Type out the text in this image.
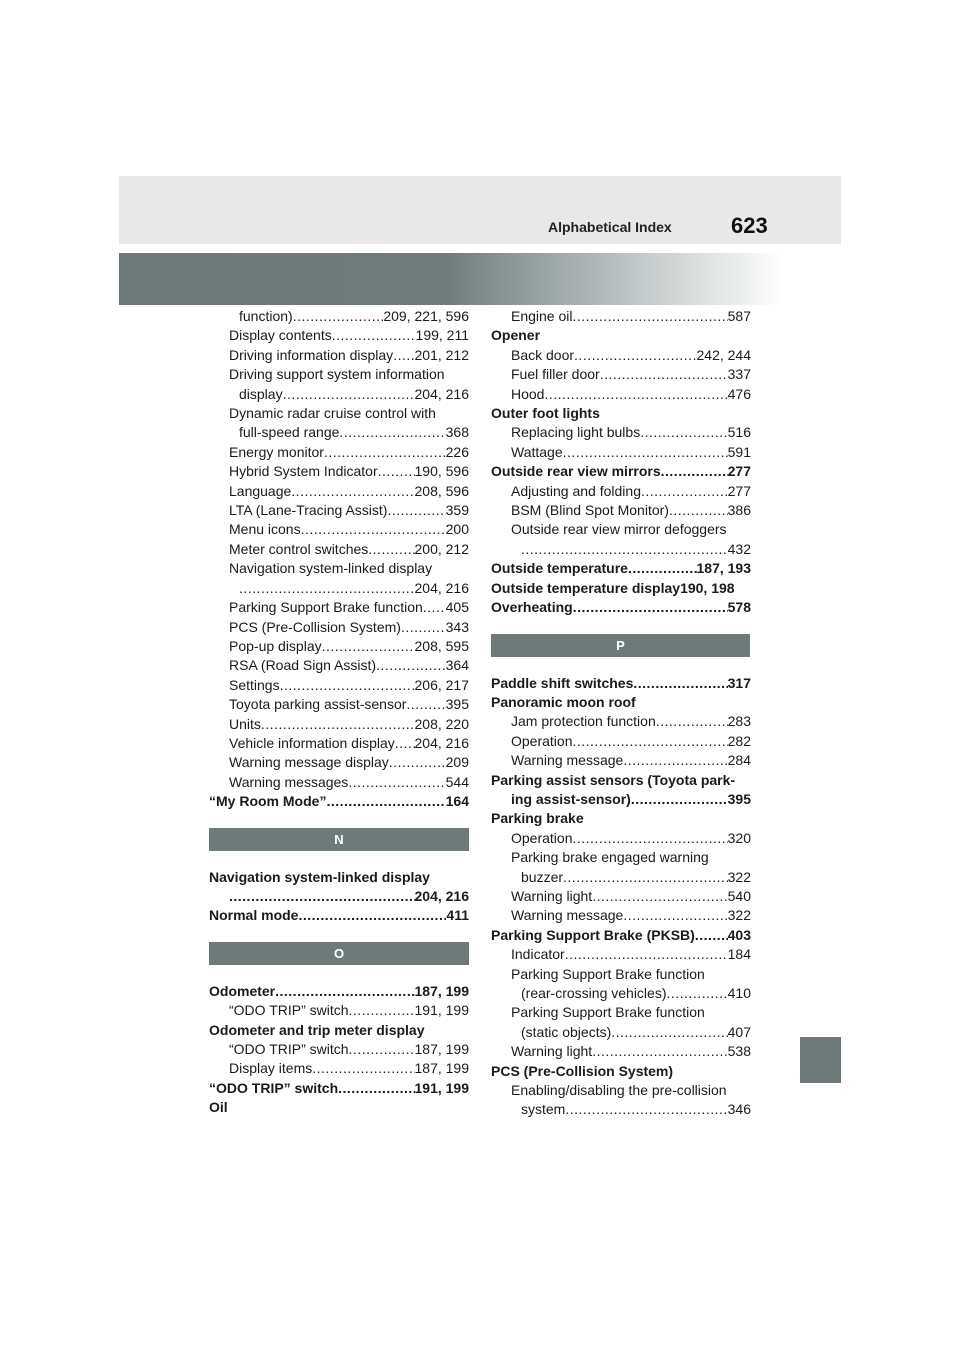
Alphabetical Index	623
function) .....	209, 221, 596
Display contents .....	199, 211
Driving information display ..... 201, 212
Driving support system information
display .....	204, 216
Dynamic radar cruise control with
full-speed range .....	368
Energy monitor .....	226
Hybrid System Indicator .....	190, 596
Language .....	208, 596
LTA (Lane-Tracing Assist) .....	359
Menu icons .....	200
Meter control switches .....	200, 212
Navigation system-linked display
.....
204, 216
Parking Support Brake function ..... 405
PCS (Pre-Collision System) .....	343
Pop-up display .....	208, 595
RSA (Road Sign Assist) .....	364
Settings .....	206, 217
Toyota parking assist-sensor .....	395
Units .....	208, 220
Vehicle information display ..... 204, 216
Warning message display .....	209
Warning messages .....	544
“My Room Mode” .....	164
N
Navigation system-linked display
.....
204, 216
Normal mode .....	411
O
Odometer .....	187, 199
“ODO TRIP” switch .....	191, 199
Odometer and trip meter display
“ODO TRIP” switch .....	187, 199
Display items .....	187, 199
“ODO TRIP” switch .....	191, 199
Oil
Engine oil .....	587
Opener
Back door .....	242, 244
Fuel filler door .....	337
Hood .....	476
Outer foot lights
Replacing light bulbs .....	516
Wattage .....	591
Outside rear view mirrors .....	277
Adjusting and folding .....	277
BSM (Blind Spot Monitor) .....	386
Outside rear view mirror defoggers
.....
432
Outside temperature .....	187, 193
Outside temperature display 190, 198
Overheating .....	578
P
Paddle shift switches .....	317
Panoramic moon roof
Jam protection function .....	283
Operation .....	282
Warning message .....	284
Parking assist sensors (Toyota park-
ing assist-sensor) .....	395
Parking brake
Operation .....	320
Parking brake engaged warning
buzzer .....	322
Warning light .....	540
Warning message .....	322
Parking Support Brake (PKSB) ..... 403
Indicator .....	184
Parking Support Brake function
(rear-crossing vehicles) .....	410
Parking Support Brake function
(static objects) .....	407
Warning light .....	538
PCS (Pre-Collision System)
Enabling/disabling the pre-collision
system .....	346
